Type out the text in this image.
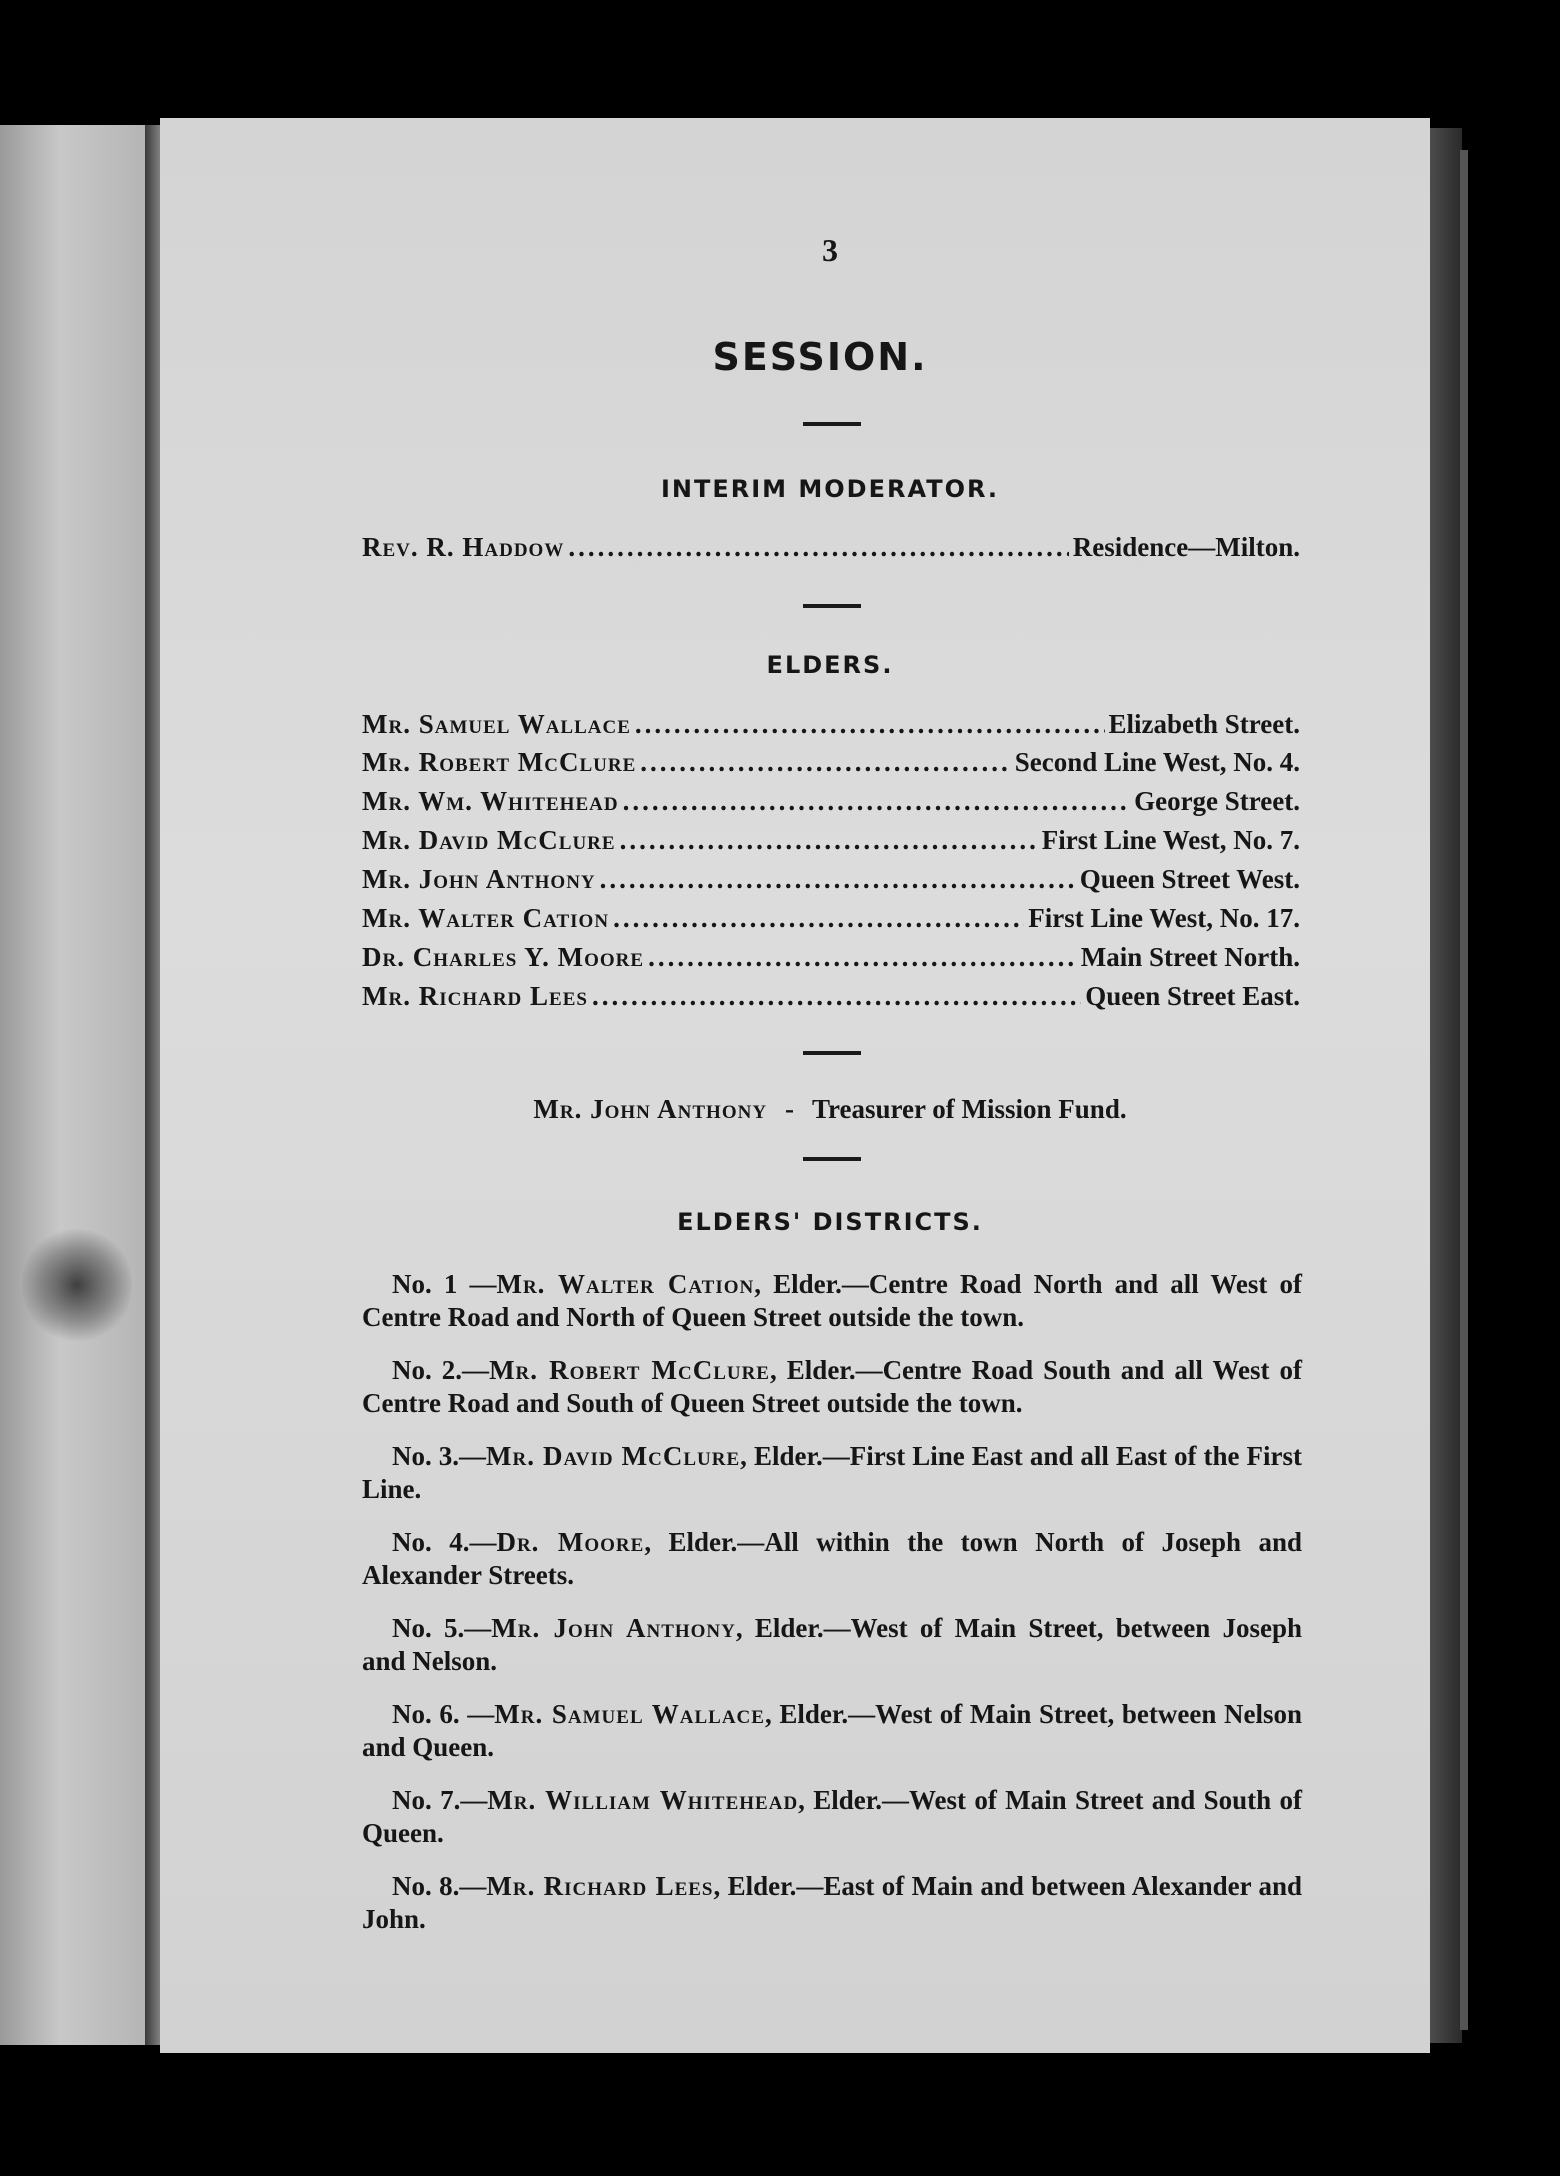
3
SESSION.
INTERIM MODERATOR.
Rev. R. Haddow .....	Residence—Milton.
ELDERS.
Mr. Samuel Wallace .....	Elizabeth Street.
Mr. Robert McClure .....	Second Line West, No. 4.
Mr. Wm. Whitehead .....	George Street.
Mr. David McClure .....	First Line West, No. 7.
Mr. John Anthony .....	Queen Street West.
Mr. Walter Cation .....	First Line West, No. 17.
Dr. Charles Y. Moore .....	Main Street North.
Mr. Richard Lees .....	Queen Street East.
Mr. John Anthony - Treasurer of Mission Fund.
ELDERS' DISTRICTS.
No. 1 —Mr. Walter Cation, Elder.—Centre Road North and all West of Centre Road and North of Queen Street outside the town.
No. 2.—Mr. Robert McClure, Elder.—Centre Road South and all West of Centre Road and South of Queen Street outside the town.
No. 3.—Mr. David McClure, Elder.—First Line East and all East of the First Line.
No. 4.—Dr. Moore, Elder.—All within the town North of Joseph and Alexander Streets.
No. 5.—Mr. John Anthony, Elder.—West of Main Street, between Joseph and Nelson.
No. 6. —Mr. Samuel Wallace, Elder.—West of Main Street, between Nelson and Queen.
No. 7.—Mr. William Whitehead, Elder.—West of Main Street and South of Queen.
No. 8.—Mr. Richard Lees, Elder.—East of Main and between Alexander and John.
